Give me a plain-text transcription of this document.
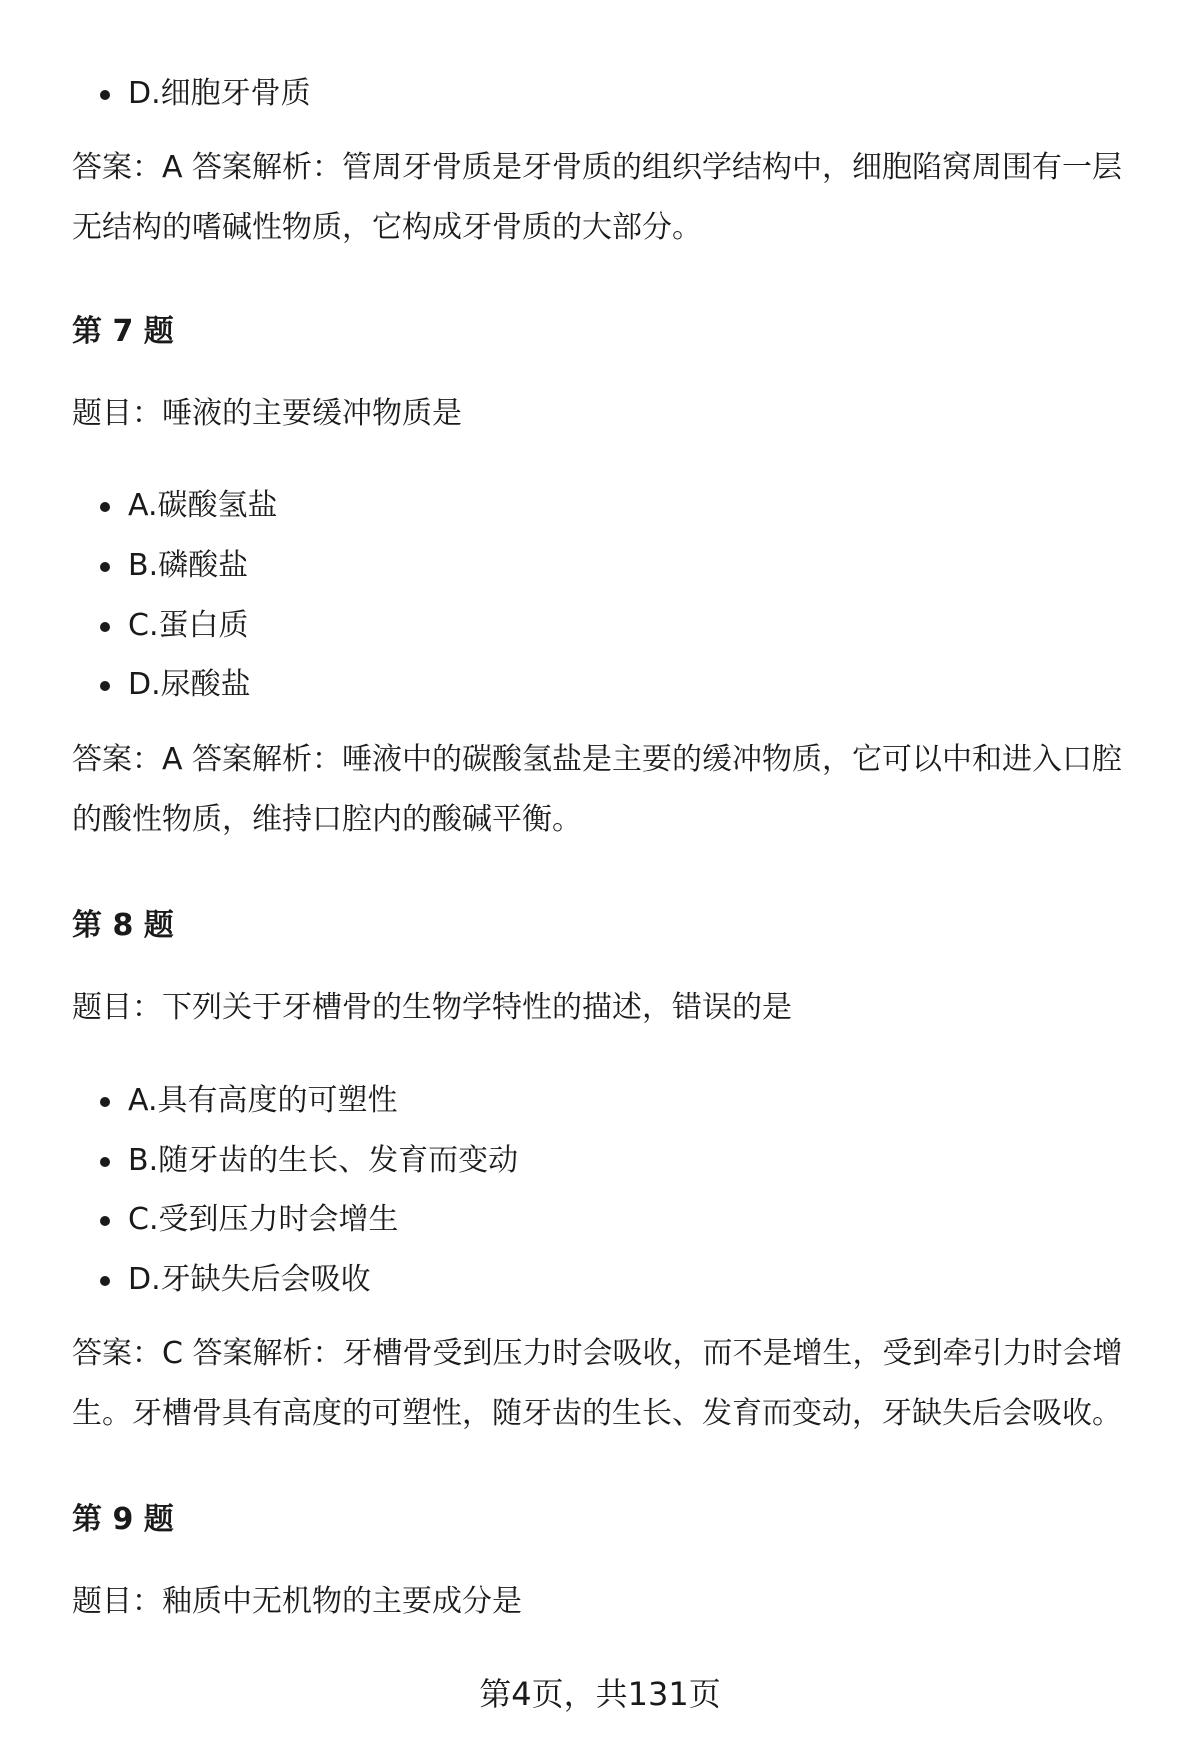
D.细胞牙骨质

答案：A 答案解析：管周牙骨质是牙骨质的组织学结构中，细胞陷窝周围有一层无结构的嗜碱性物质，它构成牙骨质的大部分。

第 7 题

题目：唾液的主要缓冲物质是

A.碳酸氢盐

B.磷酸盐

C.蛋白质

D.尿酸盐

答案：A 答案解析：唾液中的碳酸氢盐是主要的缓冲物质，它可以中和进入口腔的酸性物质，维持口腔内的酸碱平衡。

第 8 题

题目：下列关于牙槽骨的生物学特性的描述，错误的是

A.具有高度的可塑性

B.随牙齿的生长、发育而变动

C.受到压力时会增生

D.牙缺失后会吸收

答案：C 答案解析：牙槽骨受到压力时会吸收，而不是增生，受到牵引力时会增生。牙槽骨具有高度的可塑性，随牙齿的生长、发育而变动，牙缺失后会吸收。

第 9 题

题目：釉质中无机物的主要成分是

第4页，共131页
